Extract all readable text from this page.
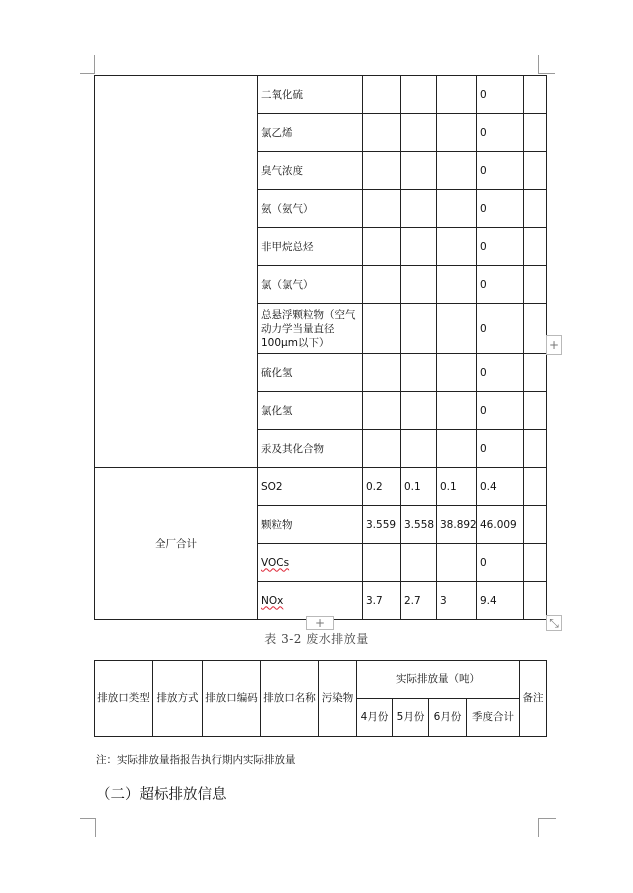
	二氧化硫				0	
	氯乙烯				0	
	臭气浓度				0	
	氨（氨气）				0	
	非甲烷总烃				0	
	氯（氯气）				0	
	总悬浮颗粒物（空气动力学当量直径100μm以下）				0	
	硫化氢				0	
	氯化氢				0	
	汞及其化合物				0	
全厂合计	SO2	0.2	0.1	0.1	0.4	
	颗粒物	3.559	3.558	38.892	46.009	
	VOCs				0	
	NOx	3.7	2.7	3	9.4	
+
+	⤡
表 3-2 废水排放量
排放口类型	排放方式	排放口编码	排放口名称	污染物	实际排放量（吨）				备注
					4月份	5月份	6月份	季度合计	
注：实际排放量指报告执行期内实际排放量
（二）超标排放信息
